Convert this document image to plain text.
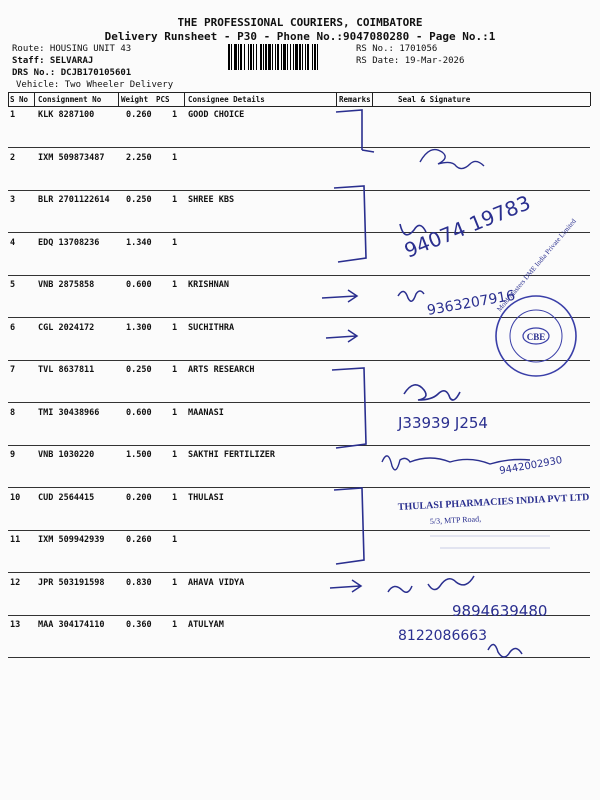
THE PROFESSIONAL COURIERS, COIMBATORE
Delivery Runsheet - P30 - Phone No.:9047080280 - Page No.:1
Route: HOUSING UNIT 43
Staff: SELVARAJ
DRS No.: DCJB170105601
Vehicle: Two Wheeler Delivery
RS No.: 1701056
RS Date: 19-Mar-2026
S No Consignment No	Weight PCS Consignee Details	Remarks	Seal & Signature
1	KLK 8287100	0.260 1 GOOD CHOICE
2	IXM 509873487	2.250 1
3	BLR 2701122614 0.250 1 SHREE KBS
4	EDQ 13708236	1.340 1
5	VNB 2875858	0.600 1 KRISHNAN
6	CGL 2024172	1.300 1 SUCHITHRA
7	TVL 8637811	0.250 1 ARTS RESEARCH
8	TMI 30438966	0.600 1 MAANASI
9	VNB 1030220	1.500 1 SAKTHI FERTILIZER
10 CUD 2564415	0.200 1 THULASI
11 IXM 509942939	0.260 1
12 JPR 503191598	0.830 1 AHAVA VIDYA
13 MAA 304174110	0.360 1 ATULYAM
94074 19783
9363207916
J33939 J254
9442002930
9894639480
8122086663
CBE
Mold-Masters DME India Private Limited
THULASI PHARMACIES INDIA PVT LTD
5/3, MTP Road,
